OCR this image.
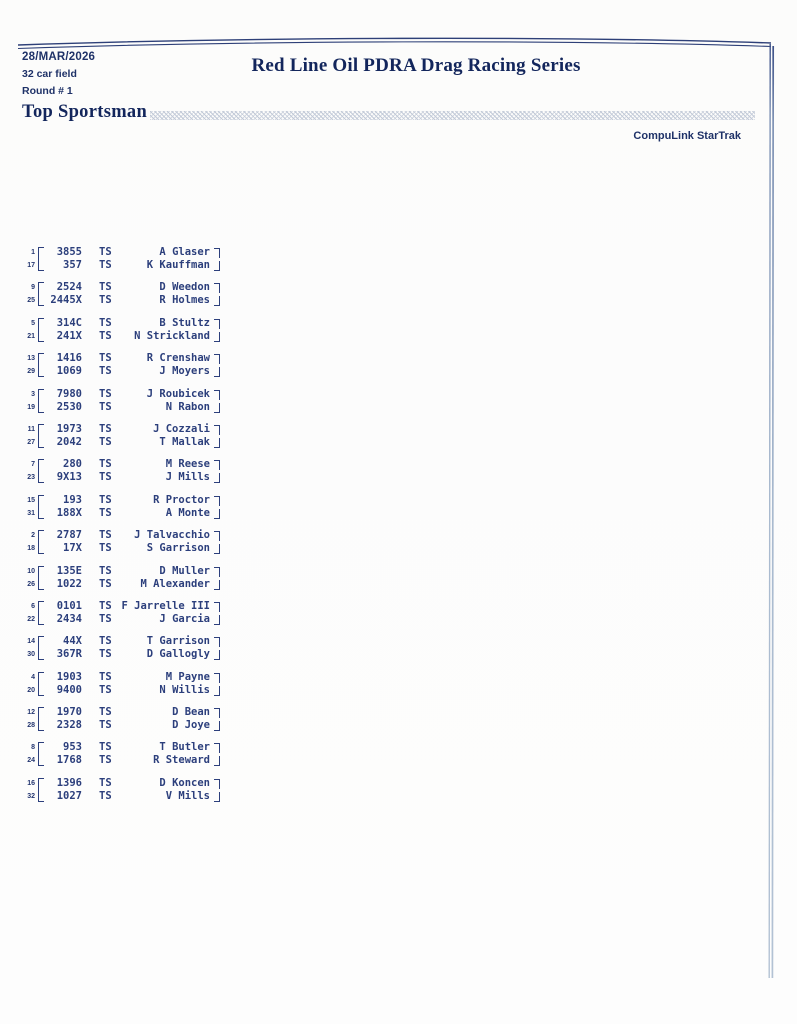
28/MAR/2026
32 car field
Round # 1
Red Line Oil PDRA Drag Racing Series
Top Sportsman
CompuLink StarTrak
1
17
3855
357
TS
TS
A Glaser
K Kauffman
9
25
2524
2445X
TS
TS
D Weedon
R Holmes
5
21
314C
241X
TS
TS
B Stultz
N Strickland
13
29
1416
1069
TS
TS
R Crenshaw
J Moyers
3
19
7980
2530
TS
TS
J Roubicek
N Rabon
11
27
1973
2042
TS
TS
J Cozzali
T Mallak
7
23
280
9X13
TS
TS
M Reese
J Mills
15
31
193
188X
TS
TS
R Proctor
A Monte
2
18
2787
17X
TS
TS
J Talvacchio
S Garrison
10
26
135E
1022
TS
TS
D Muller
M Alexander
6
22
0101
2434
TS
TS
F Jarrelle III
J Garcia
14
30
44X
367R
TS
TS
T Garrison
D Gallogly
4
20
1903
9400
TS
TS
M Payne
N Willis
12
28
1970
2328
TS
TS
D Bean
D Joye
8
24
953
1768
TS
TS
T Butler
R Steward
16
32
1396
1027
TS
TS
D Koncen
V Mills
